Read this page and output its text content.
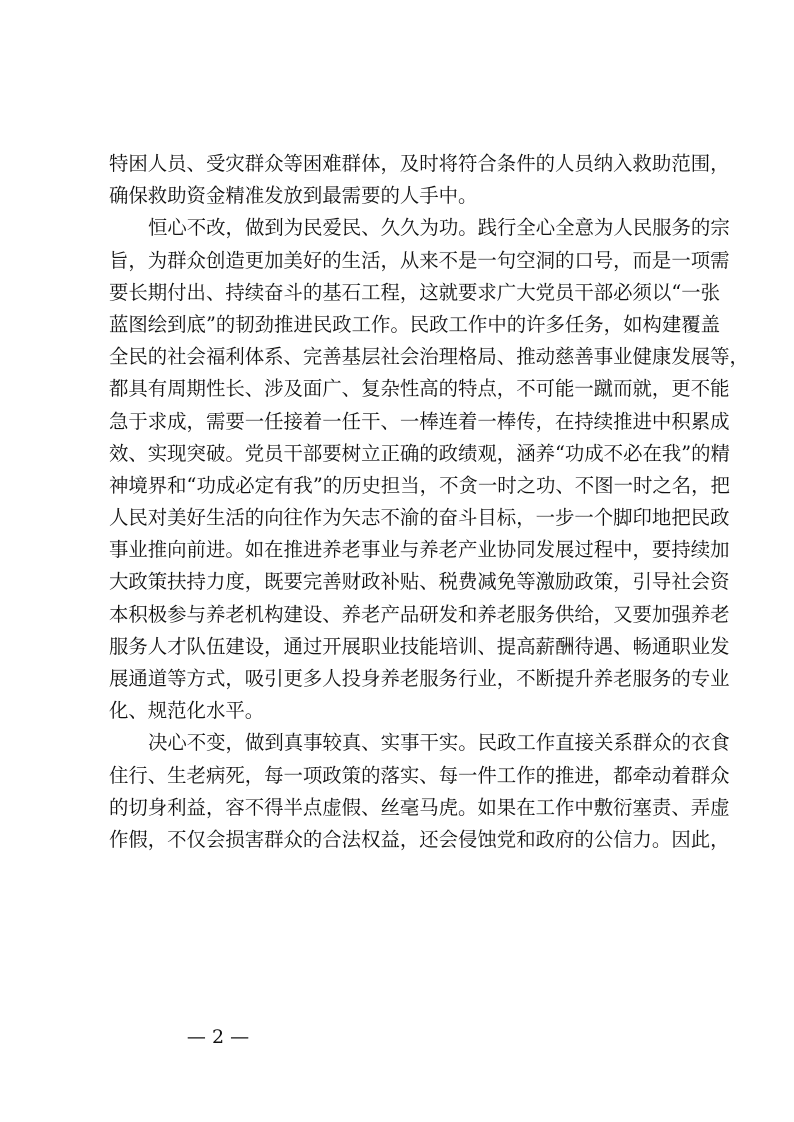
特困人员、受灾群众等困难群体，及时将符合条件的人员纳入救助范围，
确保救助资金精准发放到最需要的人手中。
恒心不改，做到为民爱民、久久为功。践行全心全意为人民服务的宗
旨，为群众创造更加美好的生活，从来不是一句空洞的口号，而是一项需
要长期付出、持续奋斗的基石工程，这就要求广大党员干部必须以“一张
蓝图绘到底”的韧劲推进民政工作。民政工作中的许多任务，如构建覆盖
全民的社会福利体系、完善基层社会治理格局、推动慈善事业健康发展等，
都具有周期性长、涉及面广、复杂性高的特点，不可能一蹴而就，更不能
急于求成，需要一任接着一任干、一棒连着一棒传，在持续推进中积累成
效、实现突破。党员干部要树立正确的政绩观，涵养“功成不必在我”的精
神境界和“功成必定有我”的历史担当，不贪一时之功、不图一时之名，把
人民对美好生活的向往作为矢志不渝的奋斗目标，一步一个脚印地把民政
事业推向前进。如在推进养老事业与养老产业协同发展过程中，要持续加
大政策扶持力度，既要完善财政补贴、税费减免等激励政策，引导社会资
本积极参与养老机构建设、养老产品研发和养老服务供给，又要加强养老
服务人才队伍建设，通过开展职业技能培训、提高薪酬待遇、畅通职业发
展通道等方式，吸引更多人投身养老服务行业，不断提升养老服务的专业
化、规范化水平。
决心不变，做到真事较真、实事干实。民政工作直接关系群众的衣食
住行、生老病死，每一项政策的落实、每一件工作的推进，都牵动着群众
的切身利益，容不得半点虚假、丝毫马虎。如果在工作中敷衍塞责、弄虚
作假，不仅会损害群众的合法权益，还会侵蚀党和政府的公信力。因此，
— 2 —
